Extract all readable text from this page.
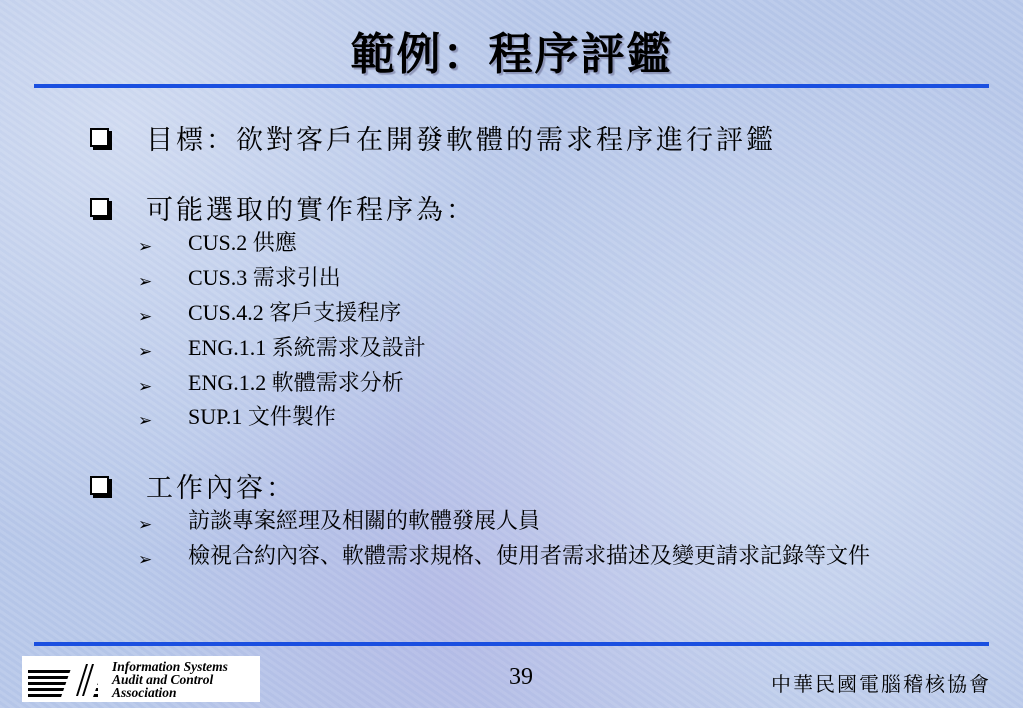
範例：程序評鑑
目標：欲對客戶在開發軟體的需求程序進行評鑑
可能選取的實作程序為：
➢	CUS.2 供應
➢	CUS.3 需求引出
➢	CUS.4.2 客戶支援程序
➢	ENG.1.1 系統需求及設計
➢	ENG.1.2 軟體需求分析
➢	SUP.1 文件製作
工作內容：
➢	訪談專案經理及相關的軟體發展人員
➢	檢視合約內容、軟體需求規格、使用者需求描述及變更請求記錄等文件
Information Systems
Audit and Control
Association
39	中華民國電腦稽核協會
